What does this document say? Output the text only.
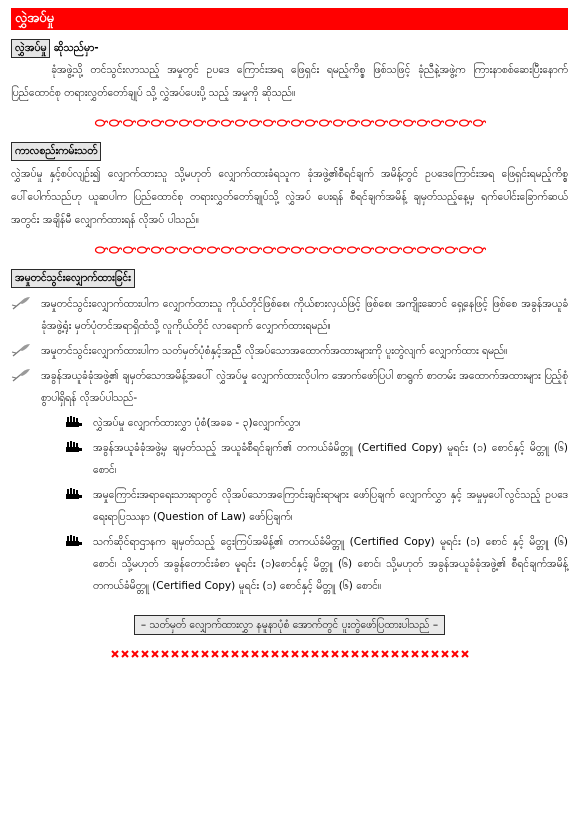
လွှဲအပ်မှု
လွှဲအပ်မှု ဆိုသည်မှာ-
ခုံအဖွဲ့သို့ တင်သွင်းလာသည့် အမှုတွင် ဥပဒေ ကြောင်းအရ ဖြေရှင်း ရမည့်ကိစ္စ ဖြစ်သဖြင့် ခုံညီနဲ့အဖွဲ့က ကြားနာစစ်ဆေးပြီးနောက် ပြည်ထောင်စု တရားလွှတ်တော်ချုပ် သို့ လွှဲအပ်ပေးပို့ သည့် အမှုကို ဆိုသည်။
ကာလစည်းကမ်းသတ်
လွှဲအပ်မှု နှင့်စပ်လျဉ်း၍ လျှောက်ထားသူ သို့မဟုတ် လျှောက်ထားခံရသူက ခုံအဖွဲ့၏စီရင်ချက် အမိန့်တွင် ဥပဒေကြောင်းအရ ဖြေရှင်းရမည့်ကိစ္စ ပေါ်ပေါက်သည်ဟု ယူဆပါက ပြည်ထောင်စု တရားလွှတ်တော်ချုပ်သို့ လွှဲအပ် ပေးရန် စီရင်ချက်အမိန့် ချမှတ်သည့်နေ့မှ ရက်ပေါင်းခြောက်ဆယ် အတွင်း အချိန်မီ လျှောက်ထားရန် လိုအပ် ပါသည်။
အမှုတင်သွင်းလျှောက်ထားခြင်း
အမှုတင်သွင်းလျှောက်ထားပါက လျှောက်ထားသူ ကိုယ်တိုင်ဖြစ်စေ၊ ကိုယ်စားလှယ်ဖြင့် ဖြစ်စေ၊ အကျိုးဆောင် ရှေ့နေဖြင့် ဖြစ်စေ အခွန်အယူခံ ခုံအဖွဲ့ရုံး မှတ်ပုံတင်အရာရှိထံသို့ လူကိုယ်တိုင် လာရောက် လျှောက်ထားရမည်။
အမှုတင်သွင်းလျှောက်ထားပါက သတ်မှတ်ပုံစံနှင့်အညီ လိုအပ်သောအထောက်အထားများကို ပူးတွဲလျက် လျှောက်ထား ရမည်။
အခွန်အယူခံခုံအဖွဲ့၏ ချမှတ်သောအမိန့်အပေါ် လွှဲအပ်မှု လျှောက်ထားလိုပါက အောက်ဖော်ပြပါ စာရွက် စာတမ်း အထောက်အထားများ ပြည့်စုံစွာပါရှိရန် လိုအပ်ပါသည်-
လွှဲအပ်မှု လျှောက်ထားလွှာ ပုံစံ(အခခ - ၃)လျှောက်လွှာ၊
အခွန်အယူခံခုံအဖွဲ့မှ ချမှတ်သည့် အယူခံစီရင်ချက်၏ တကယ်ခံမိတ္တူ (Certified Copy) မူရင်း (၁) စောင်နှင့် မိတ္တူ (၆) စောင်၊
အမှုကြောင်းအရာရေးသားရာတွင် လိုအပ်သောအကြောင်းချင်းရာများ ဖော်ပြချက် လျှောက်လွှာ နှင့် အမှုမှပေါ်လွင်သည့် ဥပဒေရေးရာပြဿနာ (Question of Law) ဖော်ပြချက်၊
သက်ဆိုင်ရာဌာနက ချမှတ်သည့် ငွေးကြပ်အမိန့်၏ တကယ်ခံမိတ္တူ (Certified Copy) မူရင်း (၁) စောင် နှင့် မိတ္တူ (၆) စောင်၊ သို့မဟုတ် အခွန်တောင်းခံစာ မူရင်း (၁)စောင်နှင့် မိတ္တူ (၆) စောင်၊ သို့မဟုတ် အခွန်အယူခံခုံအဖွဲ့၏ စီရင်ချက်အမိန့် တကယ်ခံမိတ္တူ (Certified Copy) မူရင်း (၁) စောင်နှင့် မိတ္တူ (၆) စောင်။
– သတ်မှတ် လျှောက်ထားလွှာ နမူနာပုံစံ အောက်တွင် ပူးတွဲဖော်ပြထားပါသည် –
